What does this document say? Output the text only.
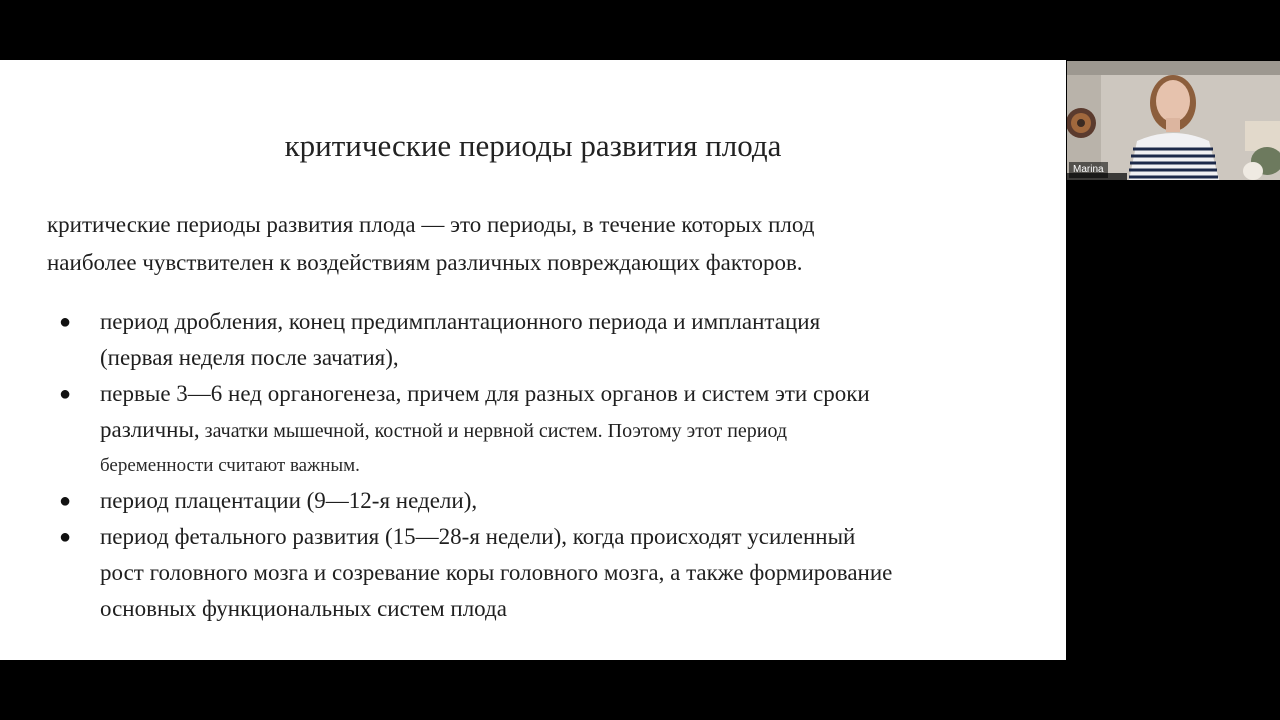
критические периоды развития плода
критические периоды развития плода — это периоды, в течение которых плод
наиболее чувствителен к воздействиям различных повреждающих факторов.
● период дробления, конец предимплантационного периода и имплантация
(первая неделя после зачатия),
● первые 3—6 нед органогенеза, причем для разных органов и систем эти сроки
различны, зачатки мышечной, костной и нервной систем. Поэтому этот период
беременности считают важным.
● период плацентации (9—12-я недели),
● период фетального развития (15—28-я недели), когда происходят усиленный
рост головного мозга и созревание коры головного мозга, а также формирование
основных функциональных систем плода
Marina
